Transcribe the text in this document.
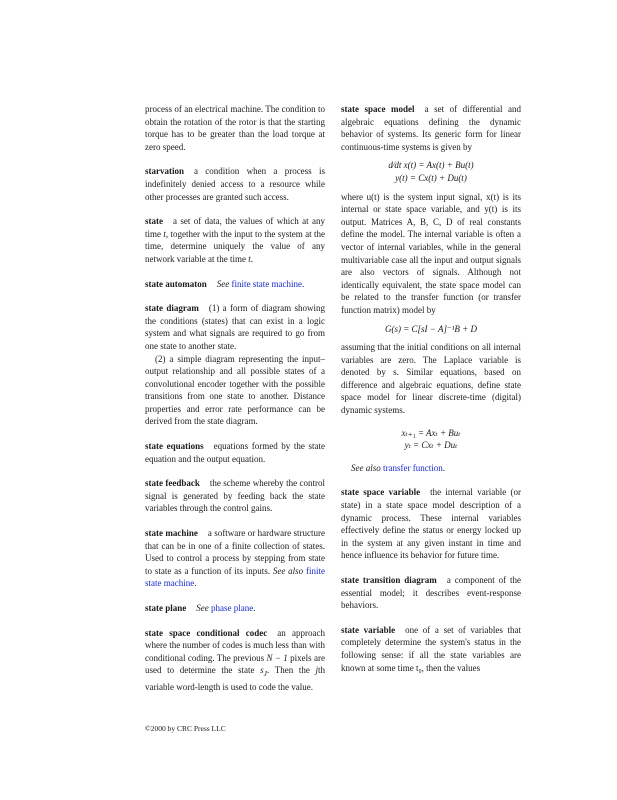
process of an electrical machine. The condition to obtain the rotation of the rotor is that the starting torque has to be greater than the load torque at zero speed.

starvation a condition when a process is indefinitely denied access to a resource while other processes are granted such access.

state a set of data, the values of which at any time t, together with the input to the system at the time, determine uniquely the value of any network variable at the time t.

state automaton See finite state machine.

state diagram (1) a form of diagram showing the conditions (states) that can exist in a logic system and what signals are required to go from one state to another state.

(2) a simple diagram representing the input–output relationship and all possible states of a convolutional encoder together with the possible transitions from one state to another. Distance properties and error rate performance can be derived from the state diagram.

state equations equations formed by the state equation and the output equation.

state feedback the scheme whereby the control signal is generated by feeding back the state variables through the control gains.

state machine a software or hardware structure that can be in one of a finite collection of states. Used to control a process by stepping from state to state as a function of its inputs. See also finite state machine.

state plane See phase plane.

state space conditional codec an approach where the number of codes is much less than with conditional coding. The previous N − 1 pixels are used to determine the state $s_J$. Then the jth variable word-length is used to code the value.

state space model a set of differential and algebraic equations defining the dynamic behavior of systems. Its generic form for linear continuous-time systems is given by

d⁄dt x(t) = Ax(t) + Bu(t)
y(t) = Cx(t) + Du(t)

where u(t) is the system input signal, x(t) is its internal or state space variable, and y(t) is its output. Matrices A, B, C, D of real constants define the model. The internal variable is often a vector of internal variables, while in the general multivariable case all the input and output signals are also vectors of signals. Although not identically equivalent, the state space model can be related to the transfer function (or transfer function matrix) model by

G(s) = C[sI − A]⁻¹B + D

assuming that the initial conditions on all internal variables are zero. The Laplace variable is denoted by s. Similar equations, based on difference and algebraic equations, define state space model for linear discrete-time (digital) dynamic systems.

xₜ₊₁ = Axₜ + Buₜ
yₜ = Cxₜ + Duₜ

See also transfer function.

state space variable the internal variable (or state) in a state space model description of a dynamic process. These internal variables effectively define the status or energy locked up in the system at any given instant in time and hence influence its behavior for future time.

state transition diagram a component of the essential model; it describes event-response behaviors.

state variable one of a set of variables that completely determine the system's status in the following sense: if all the state variables are known at some time t₀, then the values

©2000 by CRC Press LLC
